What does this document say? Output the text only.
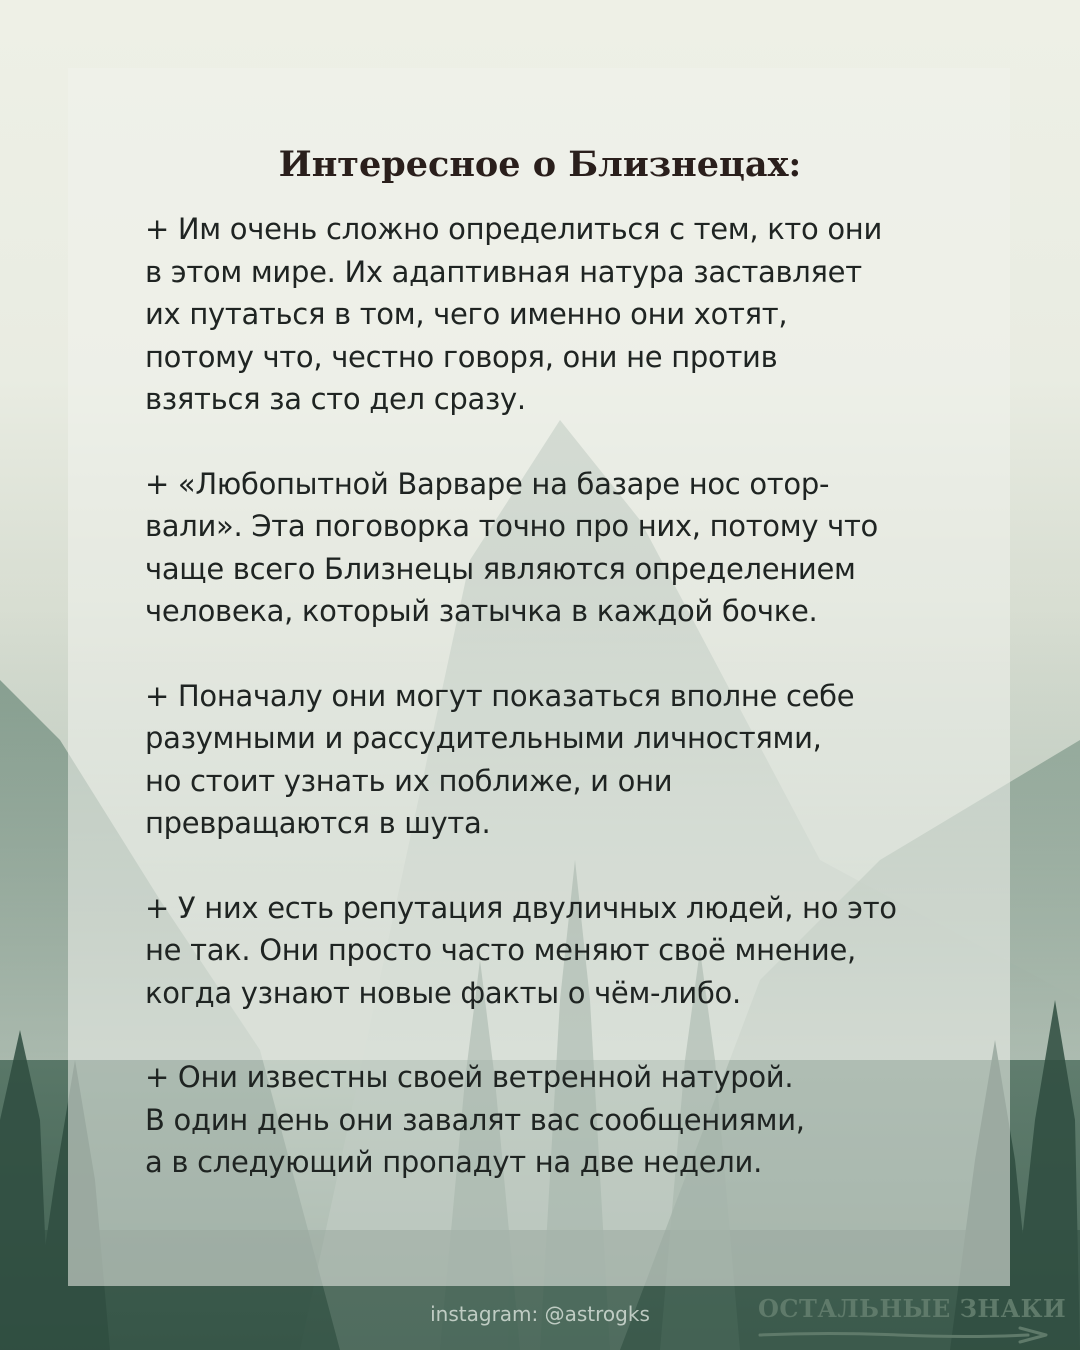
Интересное о Близнецах:
+ Им очень сложно определиться с тем, кто они
в этом мире. Их адаптивная натура заставляет
их путаться в том, чего именно они хотят,
потому что, честно говоря, они не против
взяться за сто дел сразу.
+ «Любопытной Варваре на базаре нос отор-
вали». Эта поговорка точно про них, потому что
чаще всего Близнецы являются определением
человека, который затычка в каждой бочке.
+ Поначалу они могут показаться вполне себе
разумными и рассудительными личностями,
но стоит узнать их поближе, и они
превращаются в шута.
+ У них есть репутация двуличных людей, но это
не так. Они просто часто меняют своё мнение,
когда узнают новые факты о чём-либо.
+ Они известны своей ветренной натурой.
В один день они завалят вас сообщениями,
а в следующий пропадут на две недели.
instagram: @astrogks	ОСТАЛЬНЫЕ ЗНАКИ
